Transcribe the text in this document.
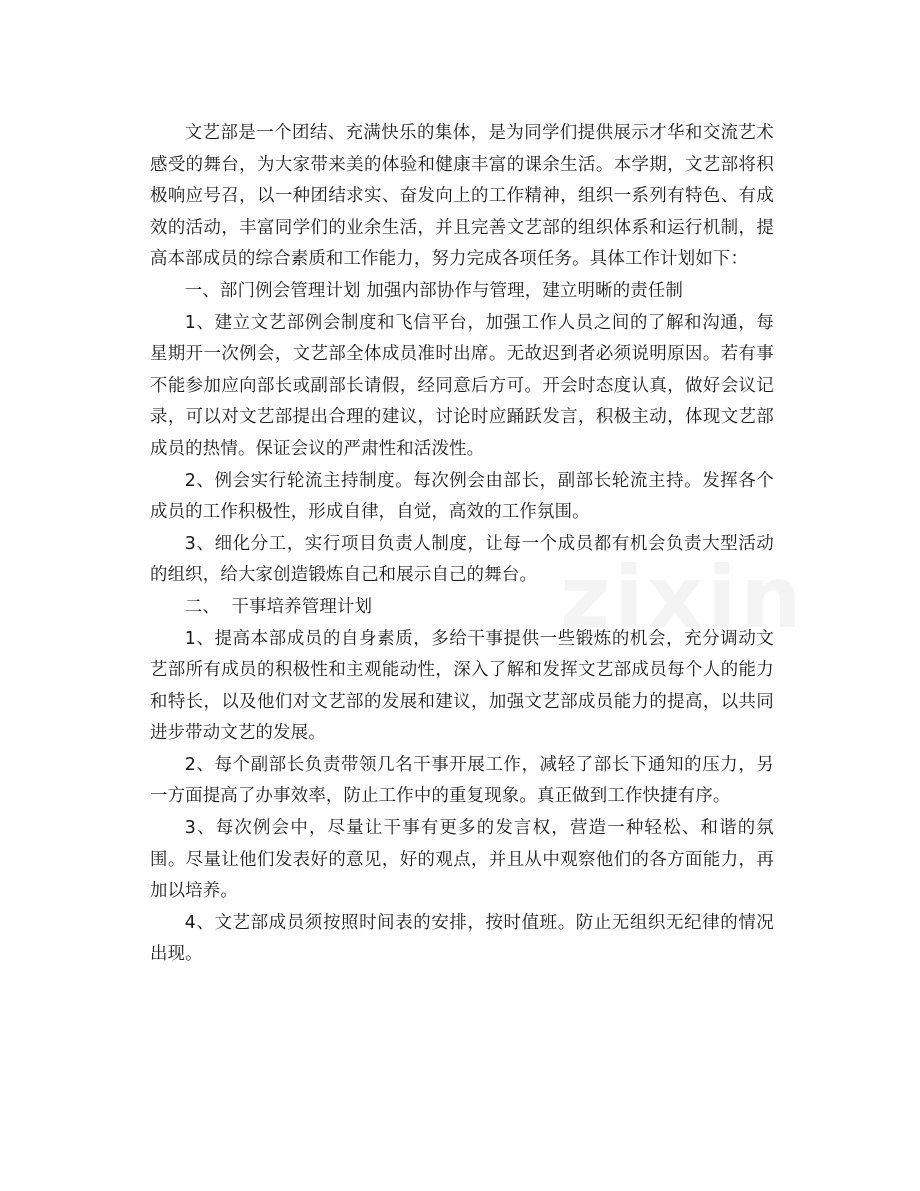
文艺部是一个团结、充满快乐的集体，是为同学们提供展示才华和交流艺术感受的舞台，为大家带来美的体验和健康丰富的课余生活。本学期，文艺部将积极响应号召，以一种团结求实、奋发向上的工作精神，组织一系列有特色、有成效的活动，丰富同学们的业余生活，并且完善文艺部的组织体系和运行机制，提高本部成员的综合素质和工作能力，努力完成各项任务。具体工作计划如下：

一、部门例会管理计划 加强内部协作与管理，建立明晰的责任制

1、建立文艺部例会制度和飞信平台，加强工作人员之间的了解和沟通，每星期开一次例会，文艺部全体成员准时出席。无故迟到者必须说明原因。若有事不能参加应向部长或副部长请假，经同意后方可。开会时态度认真，做好会议记录，可以对文艺部提出合理的建议，讨论时应踊跃发言，积极主动，体现文艺部成员的热情。保证会议的严肃性和活泼性。

2、例会实行轮流主持制度。每次例会由部长，副部长轮流主持。发挥各个成员的工作积极性，形成自律，自觉，高效的工作氛围。

3、细化分工，实行项目负责人制度，让每一个成员都有机会负责大型活动的组织，给大家创造锻炼自己和展示自己的舞台。

二、  干事培养管理计划

1、提高本部成员的自身素质，多给干事提供一些锻炼的机会，充分调动文艺部所有成员的积极性和主观能动性，深入了解和发挥文艺部成员每个人的能力和特长，以及他们对文艺部的发展和建议，加强文艺部成员能力的提高，以共同进步带动文艺的发展。

2、每个副部长负责带领几名干事开展工作，减轻了部长下通知的压力，另一方面提高了办事效率，防止工作中的重复现象。真正做到工作快捷有序。

3、每次例会中，尽量让干事有更多的发言权，营造一种轻松、和谐的氛围。尽量让他们发表好的意见，好的观点，并且从中观察他们的各方面能力，再加以培养。

4、文艺部成员须按照时间表的安排，按时值班。防止无组织无纪律的情况出现。
